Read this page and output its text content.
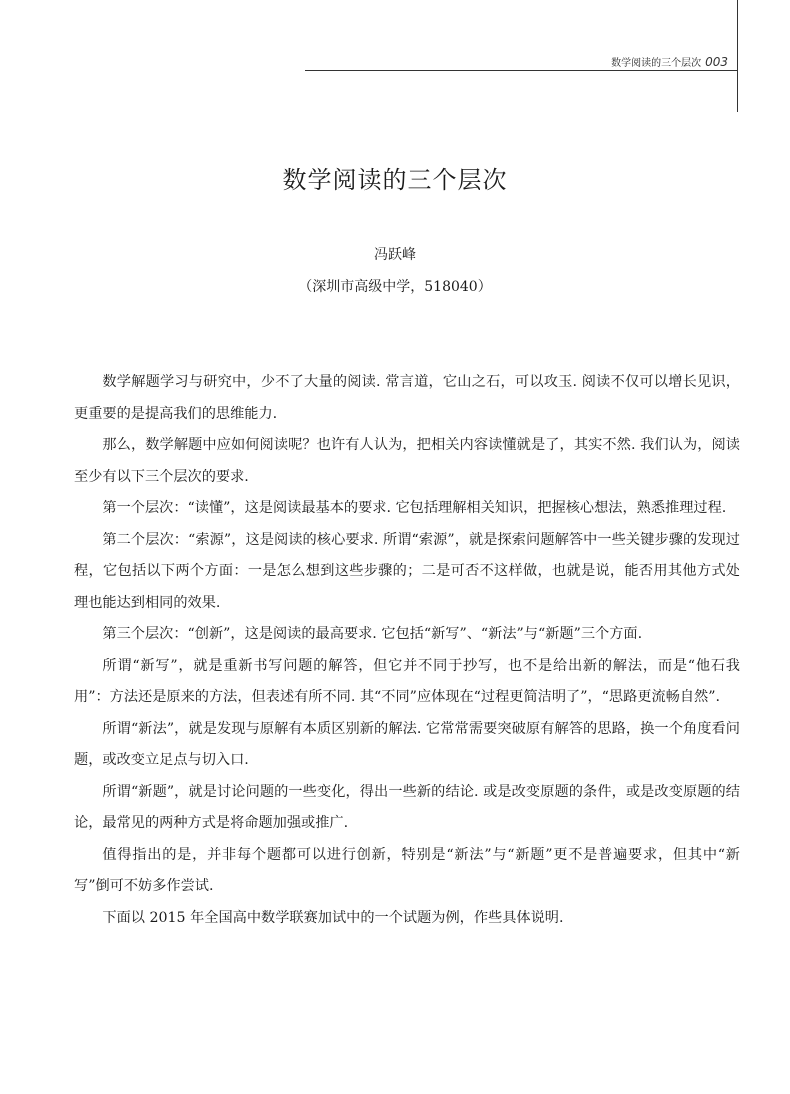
数学阅读的三个层次 003
数学阅读的三个层次
冯跃峰
（深圳市高级中学，518040）

数学解题学习与研究中，少不了大量的阅读. 常言道，它山之石，可以攻玉. 阅读不仅可以增长见识，更重要的是提高我们的思维能力.

那么，数学解题中应如何阅读呢？也许有人认为，把相关内容读懂就是了，其实不然. 我们认为，阅读至少有以下三个层次的要求.

第一个层次：“读懂”，这是阅读最基本的要求. 它包括理解相关知识，把握核心想法，熟悉推理过程.

第二个层次：“索源”，这是阅读的核心要求. 所谓“索源”，就是探索问题解答中一些关键步骤的发现过程，它包括以下两个方面：一是怎么想到这些步骤的；二是可否不这样做，也就是说，能否用其他方式处理也能达到相同的效果.

第三个层次：“创新”，这是阅读的最高要求. 它包括“新写”、“新法”与“新题”三个方面.

所谓“新写”，就是重新书写问题的解答，但它并不同于抄写，也不是给出新的解法，而是“他石我用”：方法还是原来的方法，但表述有所不同. 其“不同”应体现在“过程更简洁明了”，“思路更流畅自然”.

所谓“新法”，就是发现与原解有本质区别新的解法. 它常常需要突破原有解答的思路，换一个角度看问题，或改变立足点与切入口.

所谓“新题”，就是讨论问题的一些变化，得出一些新的结论. 或是改变原题的条件，或是改变原题的结论，最常见的两种方式是将命题加强或推广.

值得指出的是，并非每个题都可以进行创新，特别是“新法”与“新题”更不是普遍要求，但其中“新写”倒可不妨多作尝试.

下面以 2015 年全国高中数学联赛加试中的一个试题为例，作些具体说明.
